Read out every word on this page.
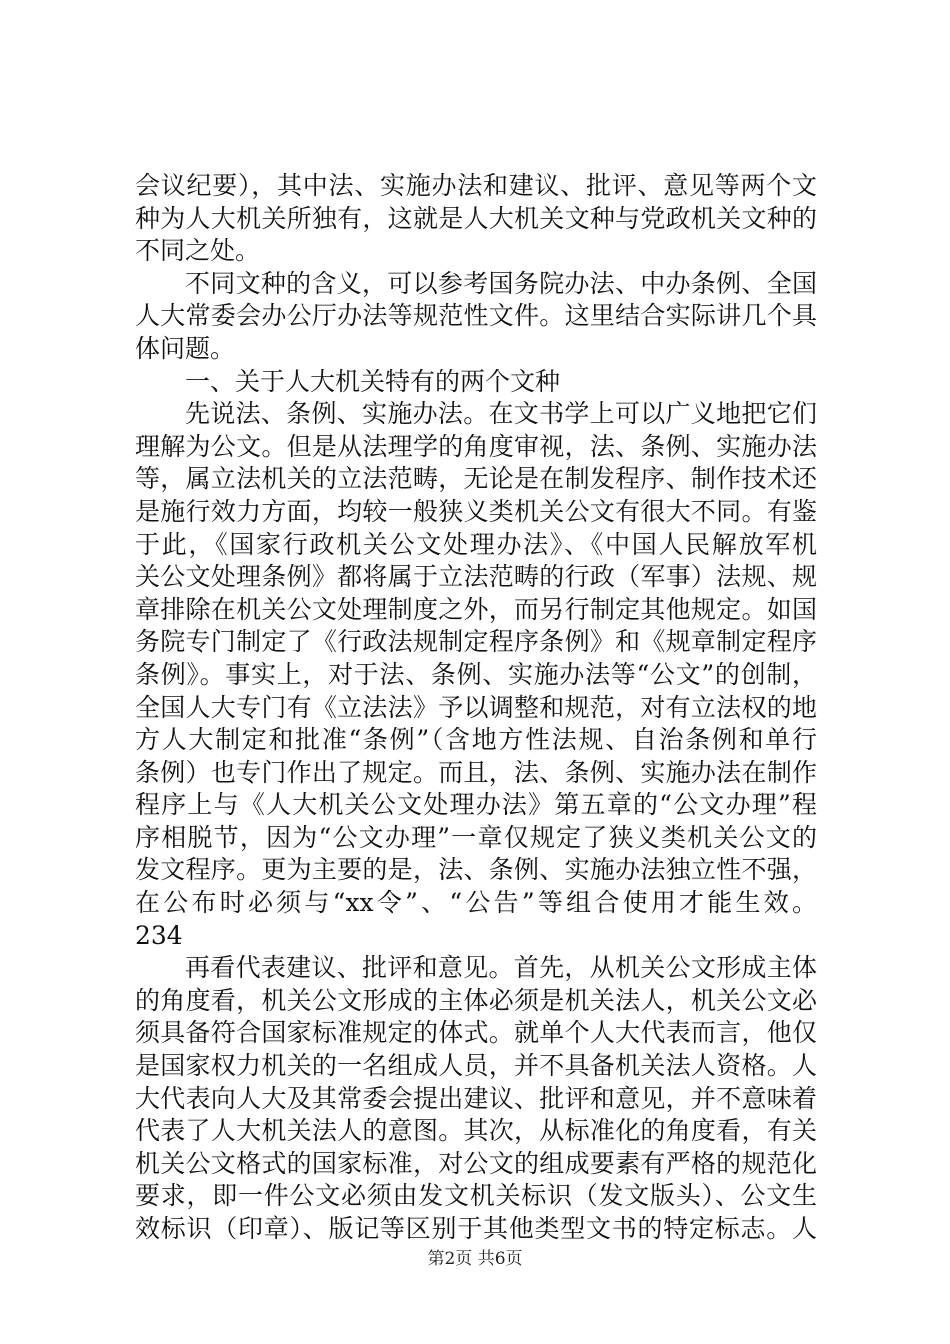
会议纪要），其中法、实施办法和建议、批评、意见等两个文
种为人大机关所独有，这就是人大机关文种与党政机关文种的
不同之处。
不同文种的含义，可以参考国务院办法、中办条例、全国
人大常委会办公厅办法等规范性文件。这里结合实际讲几个具
体问题。
一、关于人大机关特有的两个文种
先说法、条例、实施办法。在文书学上可以广义地把它们
理解为公文。但是从法理学的角度审视，法、条例、实施办法
等，属立法机关的立法范畴，无论是在制发程序、制作技术还
是施行效力方面，均较一般狭义类机关公文有很大不同。有鉴
于此，《国家行政机关公文处理办法》、《中国人民解放军机
关公文处理条例》都将属于立法范畴的行政（军事）法规、规
章排除在机关公文处理制度之外，而另行制定其他规定。如国
务院专门制定了《行政法规制定程序条例》和《规章制定程序
条例》。事实上，对于法、条例、实施办法等“公文”的创制，
全国人大专门有《立法法》予以调整和规范，对有立法权的地
方人大制定和批准“条例”（含地方性法规、自治条例和单行
条例）也专门作出了规定。而且，法、条例、实施办法在制作
程序上与《人大机关公文处理办法》第五章的“公文办理”程
序相脱节，因为“公文办理”一章仅规定了狭义类机关公文的
发文程序。更为主要的是，法、条例、实施办法独立性不强，
在公布时必须与“xx令”、“公告”等组合使用才能生效。
234
再看代表建议、批评和意见。首先，从机关公文形成主体
的角度看，机关公文形成的主体必须是机关法人，机关公文必
须具备符合国家标准规定的体式。就单个人大代表而言，他仅
是国家权力机关的一名组成人员，并不具备机关法人资格。人
大代表向人大及其常委会提出建议、批评和意见，并不意味着
代表了人大机关法人的意图。其次，从标准化的角度看，有关
机关公文格式的国家标准，对公文的组成要素有严格的规范化
要求，即一件公文必须由发文机关标识（发文版头）、公文生
效标识（印章）、版记等区别于其他类型文书的特定标志。人
第2页 共6页
